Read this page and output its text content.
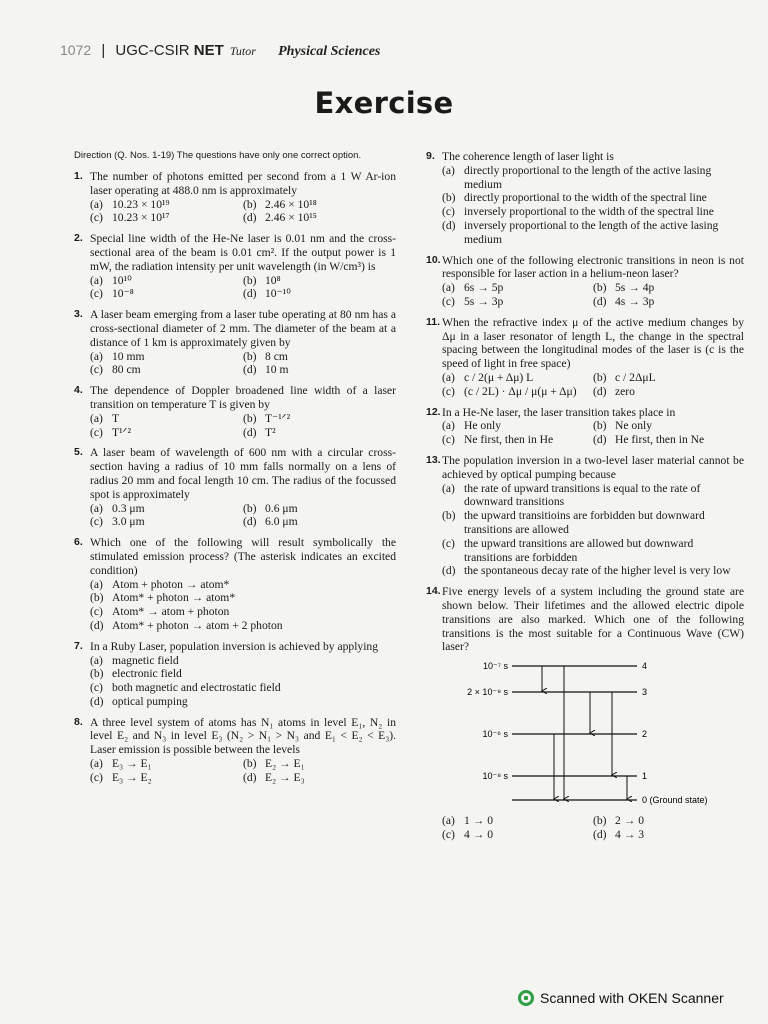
1072 | UGC-CSIR NET Tutor Physical Sciences
Exercise
Direction (Q. Nos. 1-19) The questions have only one correct option.
1. The number of photons emitted per second from a 1 W Ar-ion laser operating at 488.0 nm is approximately
(a) 10.23 × 10¹⁹	(b) 2.46 × 10¹⁸
(c) 10.23 × 10¹⁷	(d) 2.46 × 10¹⁵
2. Special line width of the He-Ne laser is 0.01 nm and the cross-sectional area of the beam is 0.01 cm². If the output power is 1 mW, the radiation intensity per unit wavelength (in W/cm³) is
(a) 10¹⁰	(b) 10⁸
(c) 10⁻⁸	(d) 10⁻¹⁰
3. A laser beam emerging from a laser tube operating at 80 nm has a cross-sectional diameter of 2 mm. The diameter of the beam at a distance of 1 km is approximately given by
(a) 10 mm	(b) 8 cm
(c) 80 cm	(d) 10 m
4. The dependence of Doppler broadened line width of a laser transition on temperature T is given by
(a) T	(b) T⁻¹ᐟ²
(c) T¹ᐟ²	(d) T²
5. A laser beam of wavelength of 600 nm with a circular cross-section having a radius of 10 mm falls normally on a lens of radius 20 mm and focal length 10 cm. The radius of the focussed spot is approximately
(a) 0.3 μm	(b) 0.6 μm
(c) 3.0 μm	(d) 6.0 μm
6. Which one of the following will result symbolically the stimulated emission process? (The asterisk indicates an excited condition)
(a) Atom + photon → atom*
(b) Atom* + photon → atom*
(c) Atom* → atom + photon
(d) Atom* + photon → atom + 2 photon
7. In a Ruby Laser, population inversion is achieved by applying
(a) magnetic field
(b) electronic field
(c) both magnetic and electrostatic field
(d) optical pumping
8. A three level system of atoms has N₁ atoms in level E₁, N₂ in level E₂ and N₃ in level E₃ (N₂ > N₁ > N₃ and E₁ < E₂ < E₃). Laser emission is possible between the levels
(a) E₃ → E₁	(b) E₂ → E₁
(c) E₃ → E₂	(d) E₂ → E₃
9. The coherence length of laser light is
(a) directly proportional to the length of the active lasing medium
(b) directly proportional to the width of the spectral line
(c) inversely proportional to the width of the spectral line
(d) inversely proportional to the length of the active lasing medium
10. Which one of the following electronic transitions in neon is not responsible for laser action in a helium-neon laser?
(a) 6s → 5p	(b) 5s → 4p
(c) 5s → 3p	(d) 4s → 3p
11. When the refractive index μ of the active medium changes by Δμ in a laser resonator of length L, the change in the spectral spacing between the longitudinal modes of the laser is (c is the speed of light in free space)
(a) c / 2(μ + Δμ) L	(b) c / 2ΔμL
(c) (c / 2L) · Δμ / μ(μ + Δμ) (d) zero
12. In a He-Ne laser, the laser transition takes place in
(a) He only	(b) Ne only
(c) Ne first, then in He	(d) He first, then in Ne
13. The population inversion in a two-level laser material cannot be achieved by optical pumping because
(a) the rate of upward transitions is equal to the rate of downward transitions
(b) the upward transitioins are forbidden but downward transitions are allowed
(c) the upward transitions are allowed but downward transitions are forbidden
(d) the spontaneous decay rate of the higher level is very low
14. Five energy levels of a system including the ground state are shown below. Their lifetimes and the allowed electric dipole transitions are also marked. Which one of the following transitions is the most suitable for a Continuous Wave (CW) laser?
10⁻⁷ s	4
2 × 10⁻⁸ s	3
10⁻⁶ s	2
10⁻⁸ s	1
0 (Ground state)
(a) 1 → 0	(b) 2 → 0
(c) 4 → 0	(d) 4 → 3
Scanned with OKEN Scanner
